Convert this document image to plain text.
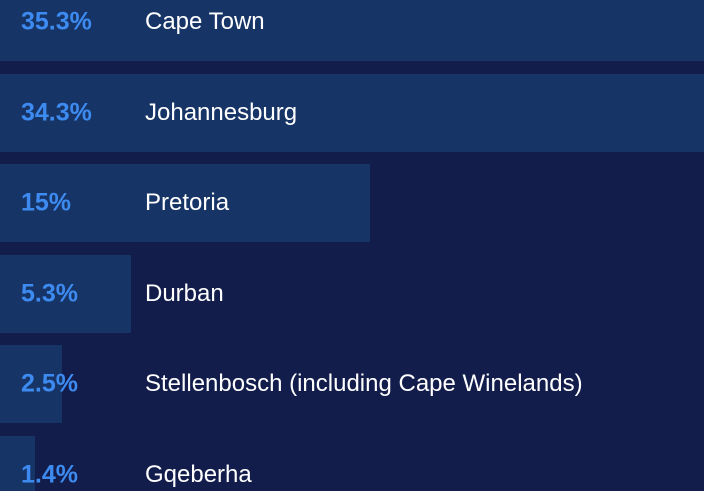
35.3% Cape Town
34.3% Johannesburg
15%	Pretoria
5.3%	Durban
2.5%	Stellenbosch (including Cape Winelands)
1.4%	Gqeberha
